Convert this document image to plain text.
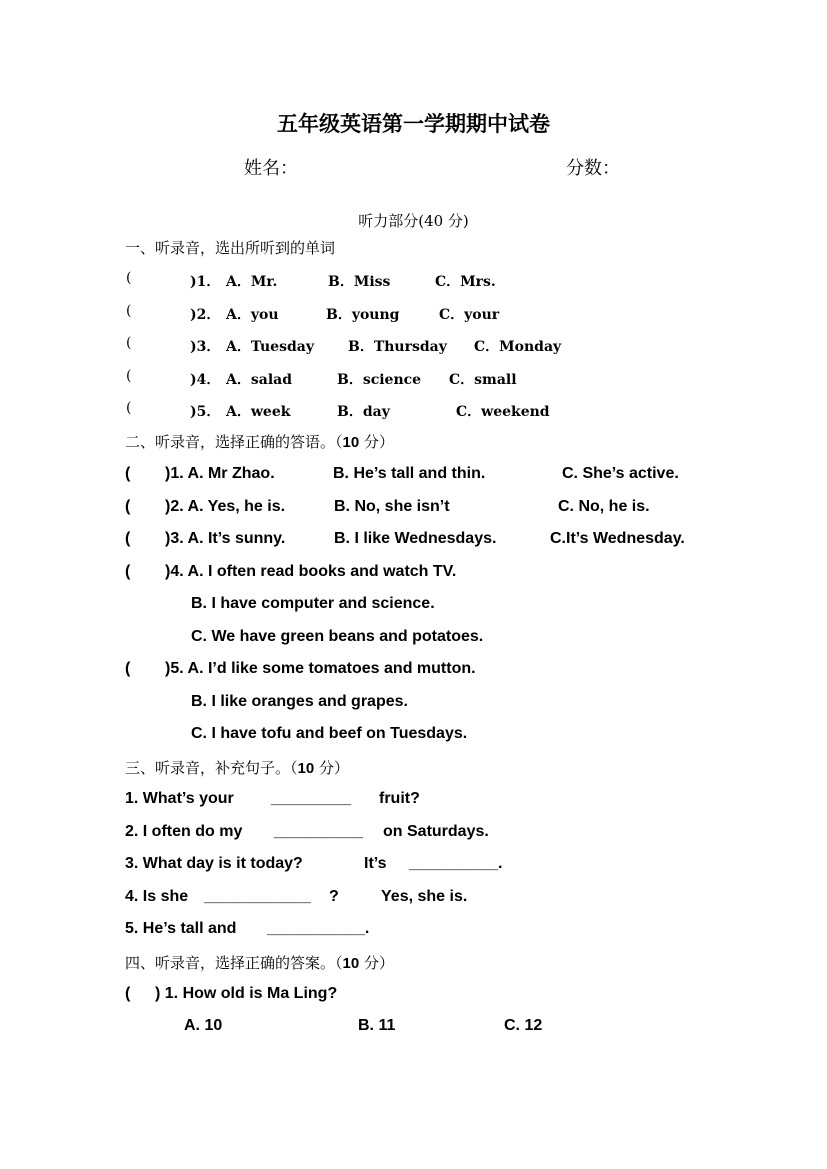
五年级英语第一学期期中试卷
姓名：	分数：
听力部分(40 分)
一、听录音，选出所听到的单词
(	)1． A．Mr.	B．Miss	C．Mrs.
(	)2． A．you	B．young	C．your
(	)3． A．Tuesday B．Thursday C．Monday
(	)4． A．salad	B．science C．small
(	)5． A．week	B．day	C．weekend
二、听录音，选择正确的答语。（10 分）
( )1. A. Mr Zhao.	B. He’s tall and thin.	C. She’s active.
( )2. A. Yes, he is.	B. No, she isn’t	C. No, he is.
( )3. A. It’s sunny.	B. I like Wednesdays.	C.It’s Wednesday.
( )4. A. I often read books and watch TV.
B. I have computer and science.
C. We have green beans and potatoes.
( )5. A. I’d like some tomatoes and mutton.
B. I like oranges and grapes.
C. I have tofu and beef on Tuesdays.
三、听录音，补充句子。（10 分）
1. What’s your _________ fruit?
2. I often do my __________ on Saturdays.
3. What day is it today?	It’s __________.
4. Is she ____________ ?	Yes, she is.
5. He’s tall and ___________.
四、听录音，选择正确的答案。（10 分）
( ) 1. How old is Ma Ling?
A. 10	B. 11	C. 12
